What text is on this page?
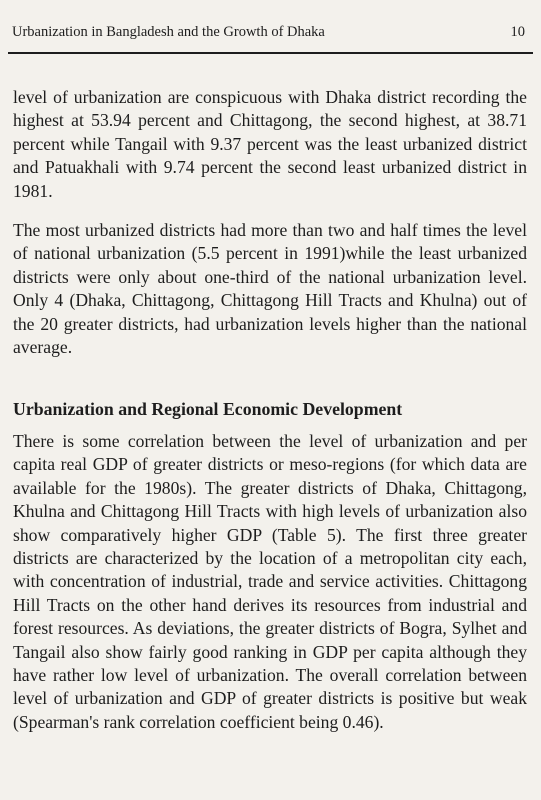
Urbanization in Bangladesh and the Growth of Dhaka	10

level of urbanization are conspicuous with Dhaka district recording the highest at 53.94 percent and Chittagong, the second highest, at 38.71 percent while Tangail with 9.37 percent was the least urbanized district and Patuakhali with 9.74 percent the second least urbanized district in 1981.

The most urbanized districts had more than two and half times the level of national urbanization (5.5 percent in 1991)while the least urbanized districts were only about one-third of the national urbanization level. Only 4 (Dhaka, Chittagong, Chittagong Hill Tracts and Khulna) out of the 20 greater districts, had urbanization levels higher than the national average.

Urbanization and Regional Economic Development

There is some correlation between the level of urbanization and per capita real GDP of greater districts or meso-regions (for which data are available for the 1980s). The greater districts of Dhaka, Chittagong, Khulna and Chittagong Hill Tracts with high levels of urbanization also show comparatively higher GDP (Table 5). The first three greater districts are characterized by the location of a metropolitan city each, with concentration of industrial, trade and service activities. Chittagong Hill Tracts on the other hand derives its resources from industrial and forest resources. As deviations, the greater districts of Bogra, Sylhet and Tangail also show fairly good ranking in GDP per capita although they have rather low level of urbanization. The overall correlation between level of urbanization and GDP of greater districts is positive but weak (Spearman's rank correlation coefficient being 0.46).
